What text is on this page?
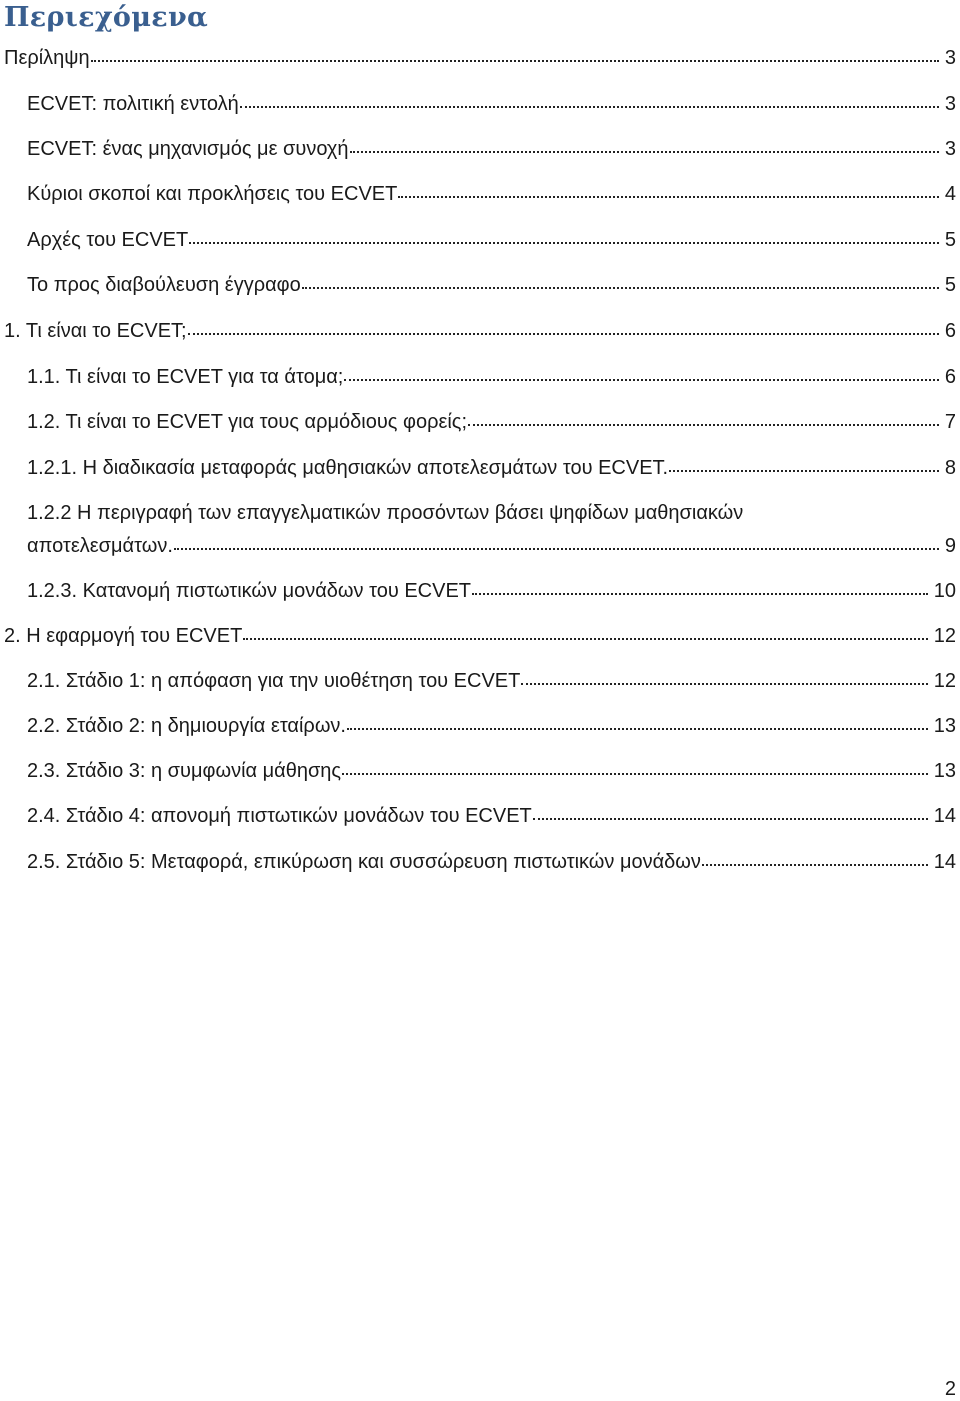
Περιεχόμενα
Περίληψη	3
ECVET: πολιτική εντολή	3
ECVET: ένας μηχανισμός με συνοχή	3
Κύριοι σκοποί και προκλήσεις του ECVET	4
Αρχές του ECVET	5
Το προς διαβούλευση έγγραφο	5
1. Τι είναι το ECVET;	6
1.1. Τι είναι το ECVET για τα άτομα;	6
1.2. Τι είναι το ECVET για τους αρμόδιους φορείς;	7
1.2.1. Η διαδικασία μεταφοράς μαθησιακών αποτελεσμάτων του ECVET.	8
1.2.2 Η περιγραφή των επαγγελματικών προσόντων βάσει ψηφίδων μαθησιακών
αποτελεσμάτων.	9
1.2.3. Κατανομή πιστωτικών μονάδων του ECVET	10
2. Η εφαρμογή του ECVET	12
2.1. Στάδιο 1: η απόφαση για την υιοθέτηση του ECVET	12
2.2. Στάδιο 2: η δημιουργία εταίρων.	13
2.3. Στάδιο 3: η συμφωνία μάθησης	13
2.4. Στάδιο 4: απονομή πιστωτικών μονάδων του ECVET	14
2.5. Στάδιο 5: Μεταφορά, επικύρωση και συσσώρευση πιστωτικών μονάδων	14
2
